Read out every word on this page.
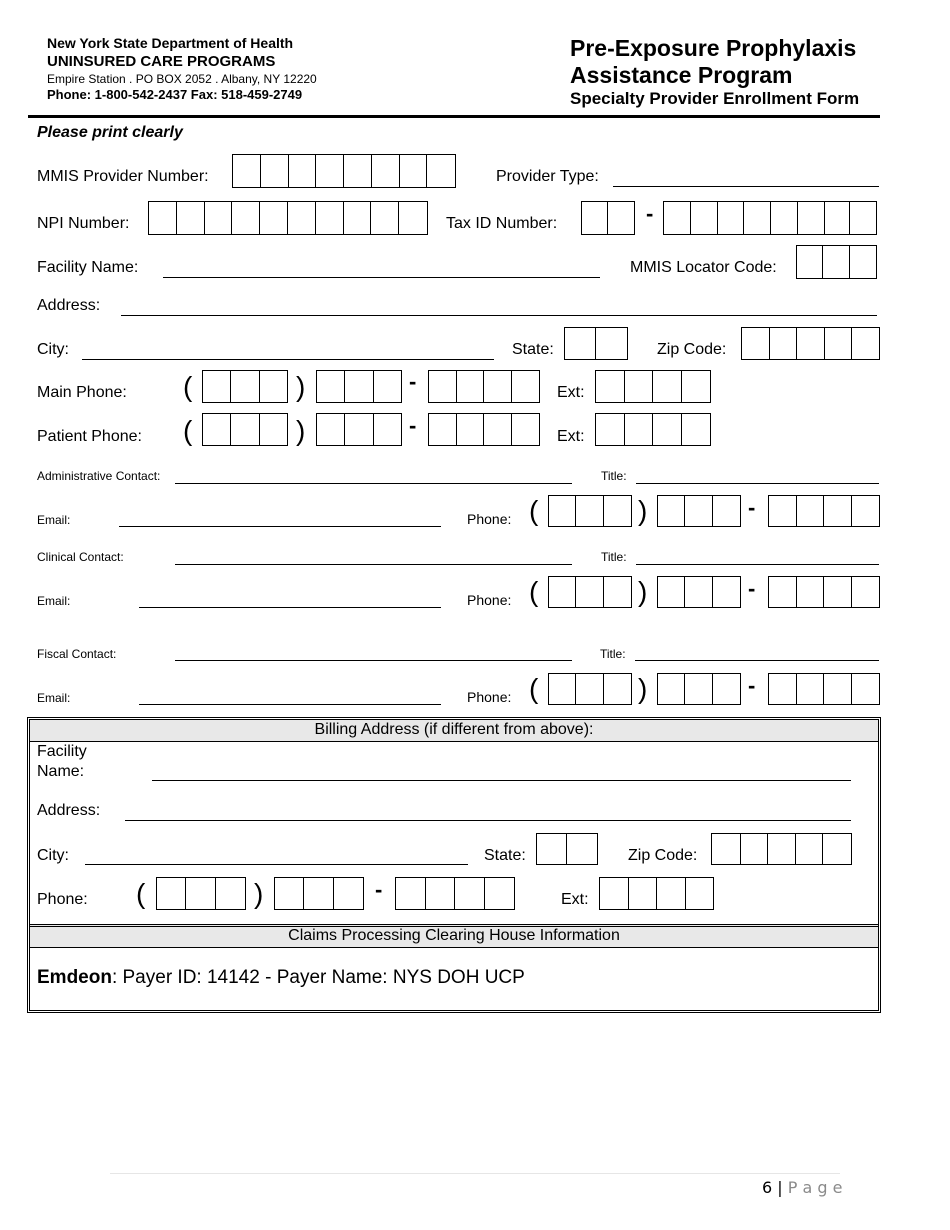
New York State Department of Health
UNINSURED CARE PROGRAMS
Empire Station . PO BOX 2052 . Albany, NY 12220
Phone: 1-800-542-2437 Fax: 518-459-2749
Pre-Exposure Prophylaxis
Assistance Program
Specialty Provider Enrollment Form
Please print clearly
MMIS Provider Number:	Provider Type:
NPI Number:	Tax ID Number:	-
Facility Name:	MMIS Locator Code:
Address:
City:	State:	Zip Code:
Main Phone: (	)	-	Ext:
Patient Phone: (	)	-	Ext:
Administrative Contact:	Title:
Email:	Phone: (	)	-
Clinical Contact:	Title:
Email:	Phone: (	)	-
Fiscal Contact:	Title:
Email:	Phone: (	)	-
Billing Address (if different from above):
Facility
Name:
Address:
City:	State:	Zip Code:
Phone: (	)	-	Ext:
Claims Processing Clearing House Information
Emdeon: Payer ID: 14142 - Payer Name: NYS DOH UCP
6 | P a g e
